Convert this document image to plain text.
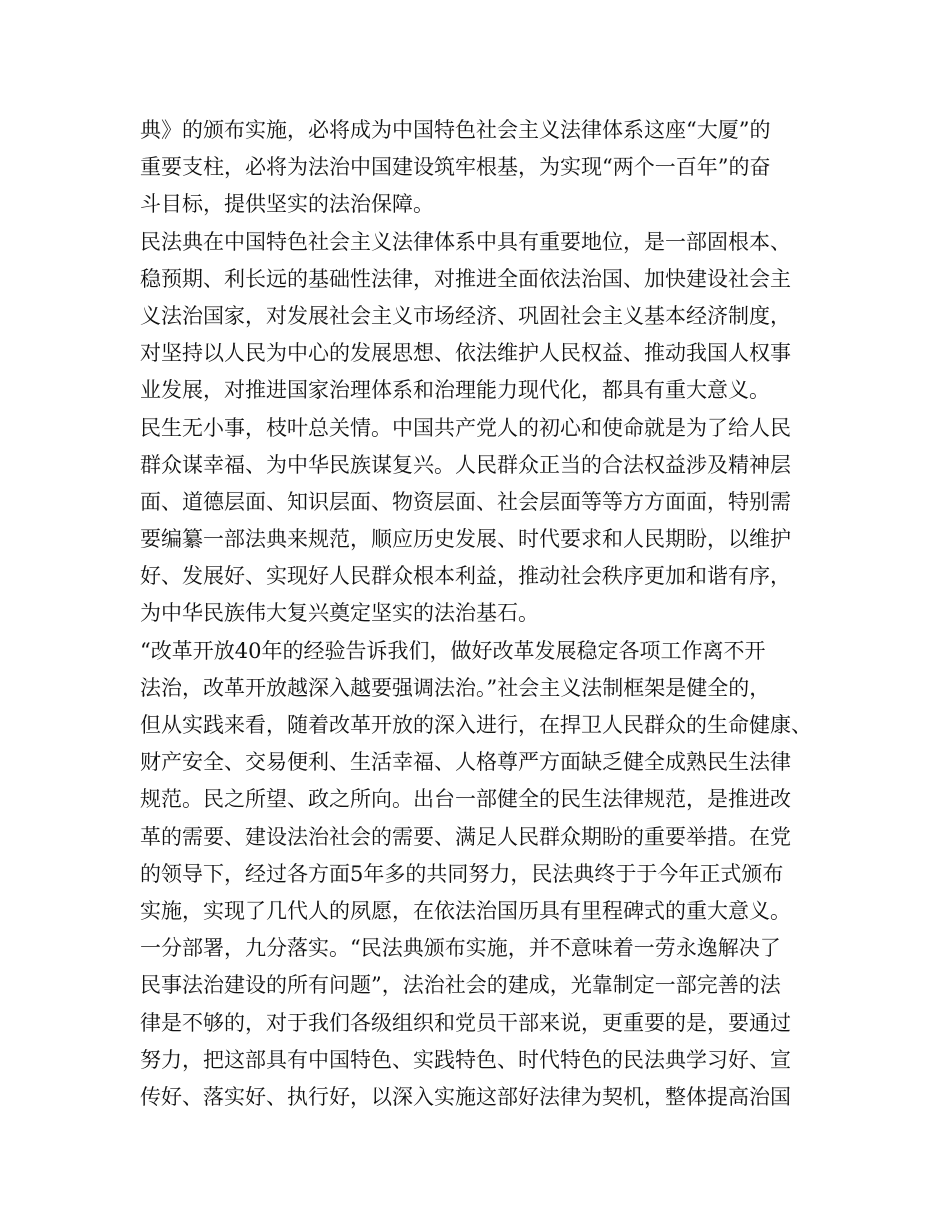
典》的颁布实施，必将成为中国特色社会主义法律体系这座“大厦”的
重要支柱，必将为法治中国建设筑牢根基，为实现“两个一百年”的奋
斗目标，提供坚实的法治保障。
民法典在中国特色社会主义法律体系中具有重要地位，是一部固根本、
稳预期、利长远的基础性法律，对推进全面依法治国、加快建设社会主
义法治国家，对发展社会主义市场经济、巩固社会主义基本经济制度，
对坚持以人民为中心的发展思想、依法维护人民权益、推动我国人权事
业发展，对推进国家治理体系和治理能力现代化，都具有重大意义。
民生无小事，枝叶总关情。中国共产党人的初心和使命就是为了给人民
群众谋幸福、为中华民族谋复兴。人民群众正当的合法权益涉及精神层
面、道德层面、知识层面、物资层面、社会层面等等方方面面，特别需
要编纂一部法典来规范，顺应历史发展、时代要求和人民期盼，以维护
好、发展好、实现好人民群众根本利益，推动社会秩序更加和谐有序，
为中华民族伟大复兴奠定坚实的法治基石。
“改革开放40年的经验告诉我们，做好改革发展稳定各项工作离不开
法治，改革开放越深入越要强调法治。”社会主义法制框架是健全的，
但从实践来看，随着改革开放的深入进行，在捍卫人民群众的生命健康、
财产安全、交易便利、生活幸福、人格尊严方面缺乏健全成熟民生法律
规范。民之所望、政之所向。出台一部健全的民生法律规范，是推进改
革的需要、建设法治社会的需要、满足人民群众期盼的重要举措。在党
的领导下，经过各方面5年多的共同努力，民法典终于于今年正式颁布
实施，实现了几代人的夙愿，在依法治国历具有里程碑式的重大意义。
一分部署，九分落实。“民法典颁布实施，并不意味着一劳永逸解决了
民事法治建设的所有问题”，法治社会的建成，光靠制定一部完善的法
律是不够的，对于我们各级组织和党员干部来说，更重要的是，要通过
努力，把这部具有中国特色、实践特色、时代特色的民法典学习好、宣
传好、落实好、执行好，以深入实施这部好法律为契机，整体提高治国
